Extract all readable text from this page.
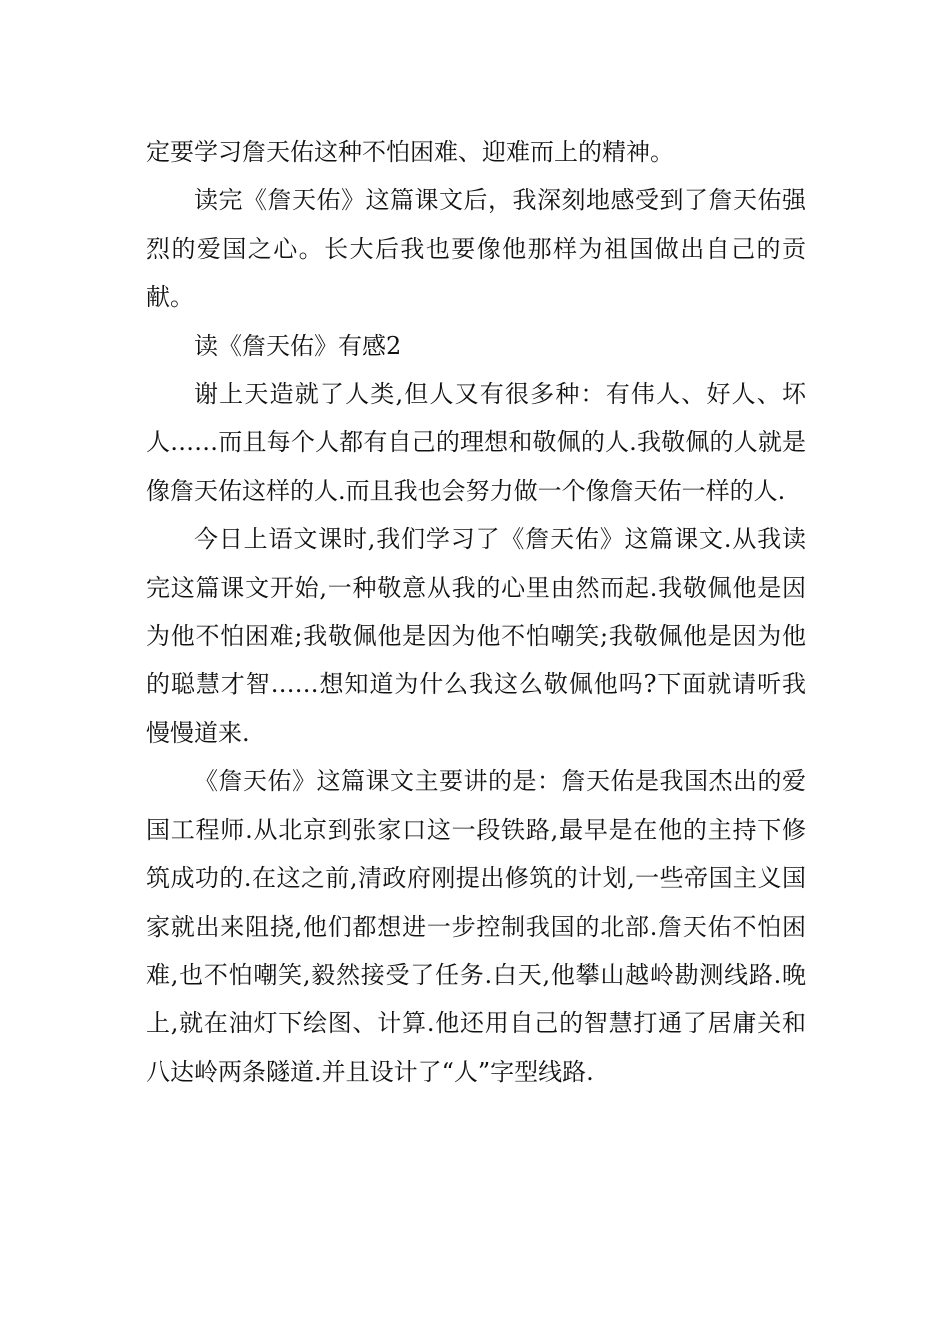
定要学习詹天佑这种不怕困难、迎难而上的精神。

读完《詹天佑》这篇课文后，我深刻地感受到了詹天佑强烈的爱国之心。长大后我也要像他那样为祖国做出自己的贡献。

读《詹天佑》有感2

谢上天造就了人类,但人又有很多种：有伟人、好人、坏人……而且每个人都有自己的理想和敬佩的人.我敬佩的人就是像詹天佑这样的人.而且我也会努力做一个像詹天佑一样的人.

今日上语文课时,我们学习了《詹天佑》这篇课文.从我读完这篇课文开始,一种敬意从我的心里由然而起.我敬佩他是因为他不怕困难;我敬佩他是因为他不怕嘲笑;我敬佩他是因为他的聪慧才智……想知道为什么我这么敬佩他吗?下面就请听我慢慢道来.

《詹天佑》这篇课文主要讲的是：詹天佑是我国杰出的爱国工程师.从北京到张家口这一段铁路,最早是在他的主持下修筑成功的.在这之前,清政府刚提出修筑的计划,一些帝国主义国家就出来阻挠,他们都想进一步控制我国的北部.詹天佑不怕困难,也不怕嘲笑,毅然接受了任务.白天,他攀山越岭勘测线路.晚上,就在油灯下绘图、计算.他还用自己的智慧打通了居庸关和八达岭两条隧道.并且设计了“人”字型线路.
